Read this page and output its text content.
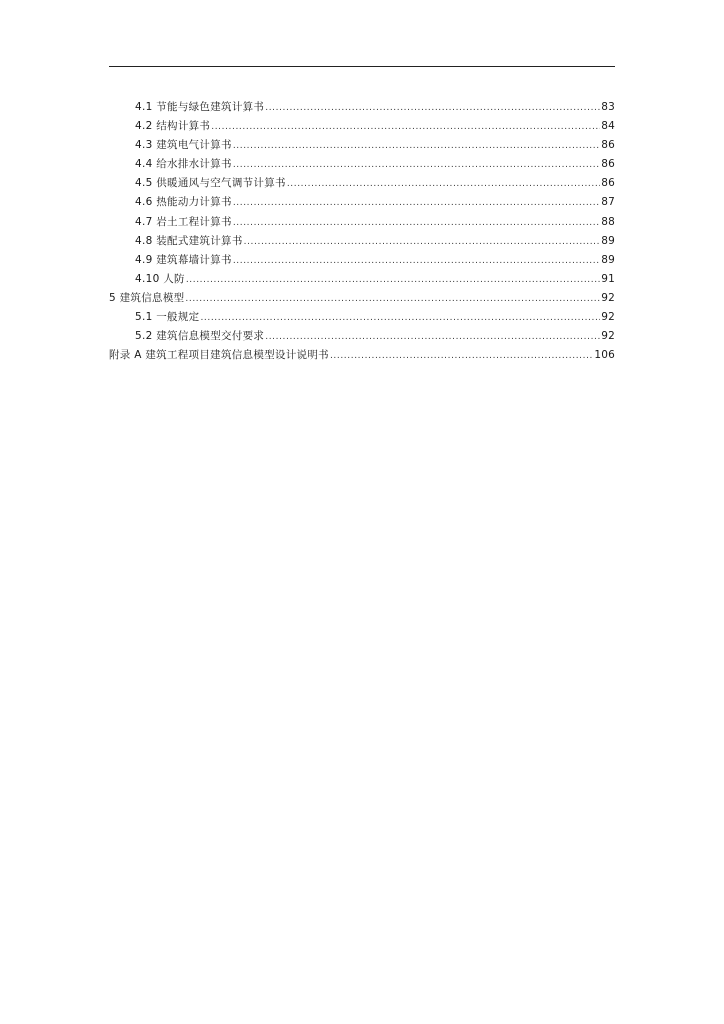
4.1 节能与绿色建筑计算书 .....	83
4.2 结构计算书 .....	84
4.3 建筑电气计算书 .....	86
4.4 给水排水计算书 .....	86
4.5 供暖通风与空气调节计算书 .....	86
4.6 热能动力计算书 .....	87
4.7 岩土工程计算书 .....	88
4.8 装配式建筑计算书 .....	89
4.9 建筑幕墙计算书 .....	89
4.10 人防 .....	91
5 建筑信息模型 .....	92
5.1 一般规定 .....	92
5.2 建筑信息模型交付要求 .....	92
附录 A 建筑工程项目建筑信息模型设计说明书 .....	106
